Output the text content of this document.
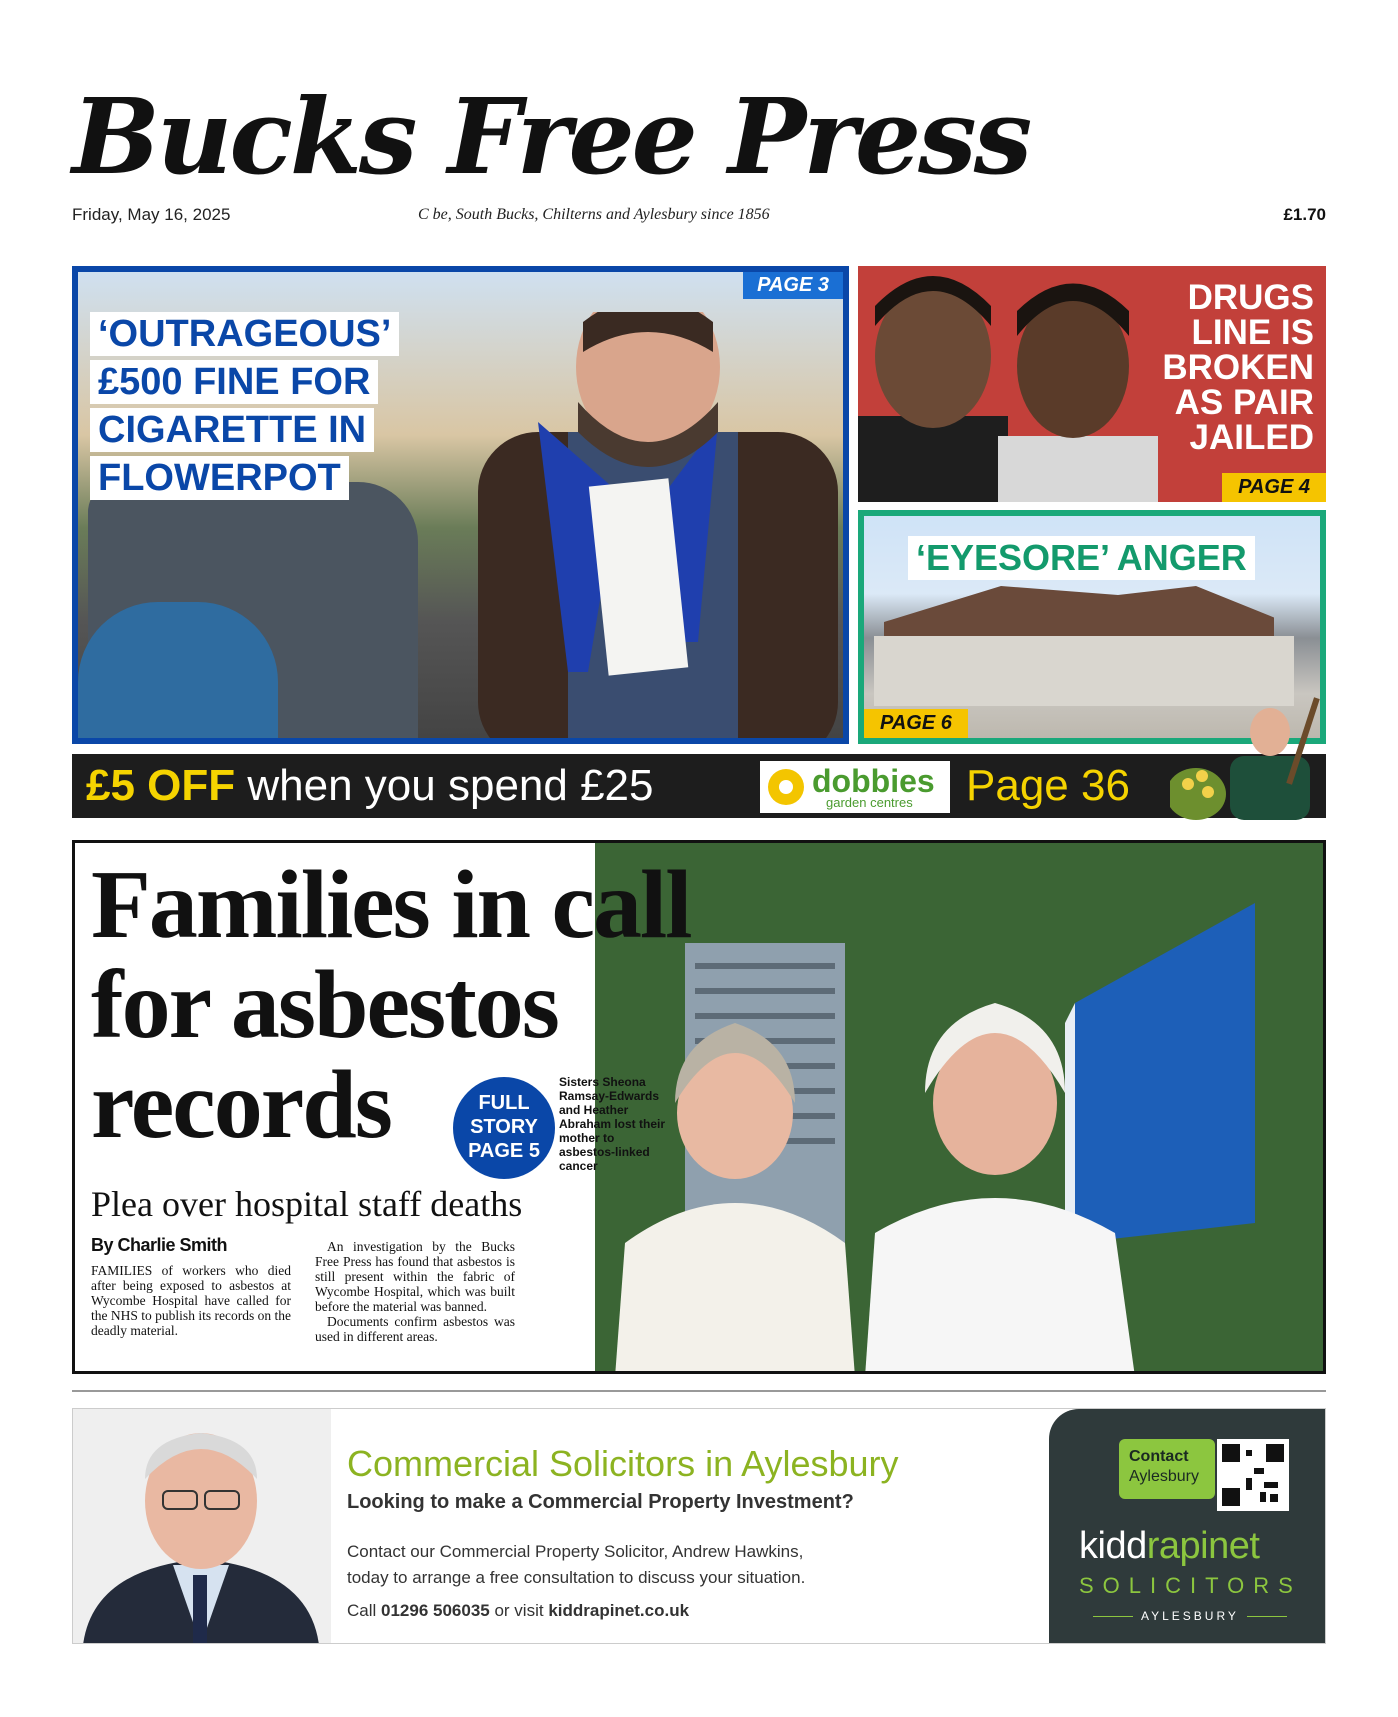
Bucks Free Press
Friday, May 16, 2025	C be, South Bucks, Chilterns and Aylesbury since 1856	£1.70
PAGE 3
‘OUTRAGEOUS’
£500 FINE FOR
CIGARETTE IN
FLOWERPOT
DRUGS
LINE IS
BROKEN
AS PAIR
JAILED
PAGE 4
‘EYESORE’ ANGER
PAGE 6
£5 OFF when you spend £25	dobbies
garden centres Page 36
Families in call
for asbestos
records	FULL
STORY
PAGE 5
Sisters Sheona Ramsay-Edwards and Heather Abraham lost their mother to asbestos-linked cancer
Plea over hospital staff deaths
By Charlie Smith
FAMILIES of workers who died after being exposed to asbestos at Wycombe Hospital have called for the NHS to publish its records on the deadly material.
An investigation by the Bucks Free Press has found that asbestos is still present within the fabric of Wycombe Hospital, which was built before the material was banned.
Documents confirm asbestos was used in different areas.
Commercial Solicitors in Aylesbury
Looking to make a Commercial Property Investment?
Contact our Commercial Property Solicitor, Andrew Hawkins,
today to arrange a free consultation to discuss your situation.
Call 01296 506035 or visit kiddrapinet.co.uk
Contact
Aylesbury
kiddrapinet
SOLICITORS
AYLESBURY
